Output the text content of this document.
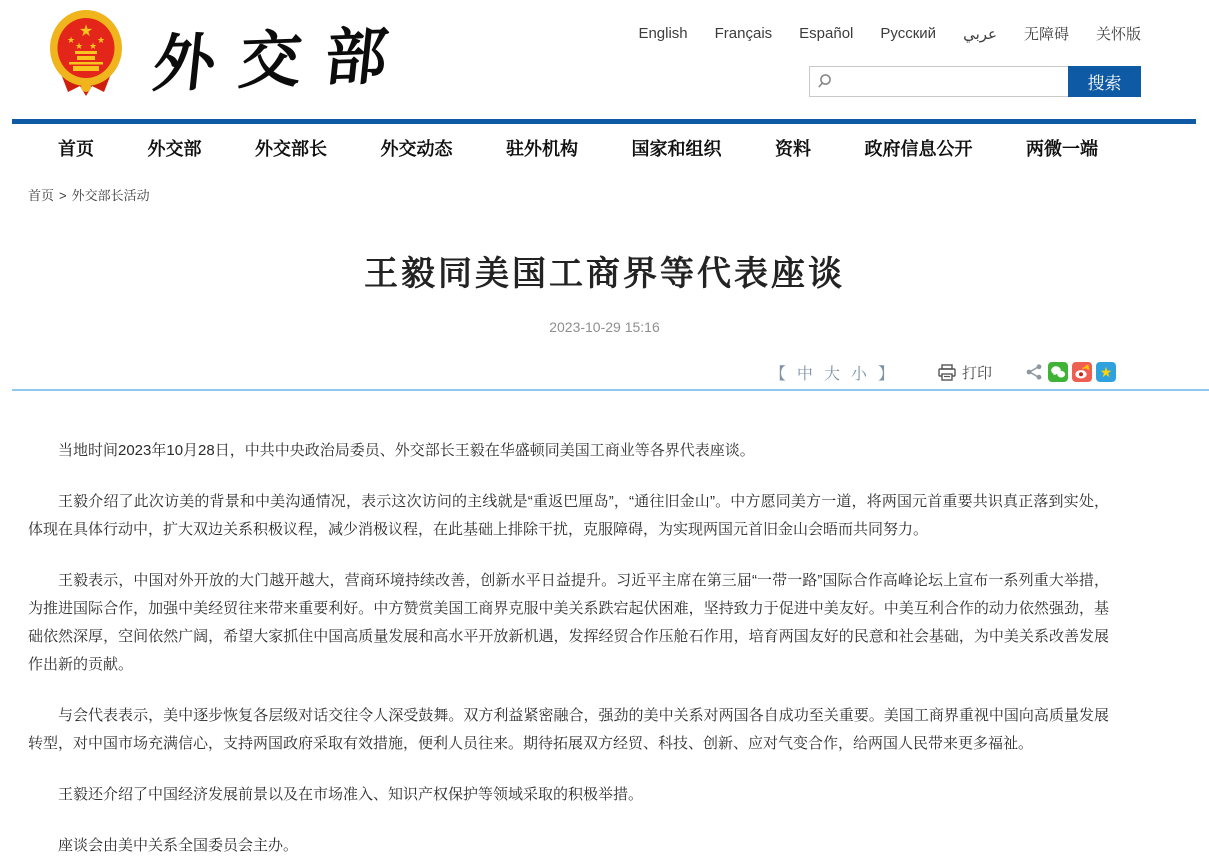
★
★
★ ★
★ 外交部	English Français Español Русский عربي 无障碍 关怀版
搜索
首页	外交部	外交部长	外交动态	驻外机构	国家和组织	资料	政府信息公开	两微一端
首页 > 外交部长活动
王毅同美国工商界等代表座谈
2023-10-29 15:16
【 中 大 小 】	打印	★

当地时间2023年10月28日，中共中央政治局委员、外交部长王毅在华盛顿同美国工商业等各界代表座谈。

王毅介绍了此次访美的背景和中美沟通情况，表示这次访问的主线就是“重返巴厘岛”，“通往旧金山”。中方愿同美方一道，将两国元首重要共识真正落到实处，体现在具体行动中，扩大双边关系积极议程，减少消极议程，在此基础上排除干扰，克服障碍，为实现两国元首旧金山会晤而共同努力。

王毅表示，中国对外开放的大门越开越大，营商环境持续改善，创新水平日益提升。习近平主席在第三届“一带一路”国际合作高峰论坛上宣布一系列重大举措，为推进国际合作，加强中美经贸往来带来重要利好。中方赞赏美国工商界克服中美关系跌宕起伏困难，坚持致力于促进中美友好。中美互利合作的动力依然强劲，基础依然深厚，空间依然广阔，希望大家抓住中国高质量发展和高水平开放新机遇，发挥经贸合作压舱石作用，培育两国友好的民意和社会基础，为中美关系改善发展作出新的贡献。

与会代表表示，美中逐步恢复各层级对话交往令人深受鼓舞。双方利益紧密融合，强劲的美中关系对两国各自成功至关重要。美国工商界重视中国向高质量发展转型，对中国市场充满信心，支持两国政府采取有效措施，便利人员往来。期待拓展双方经贸、科技、创新、应对气变合作，给两国人民带来更多福祉。

王毅还介绍了中国经济发展前景以及在市场准入、知识产权保护等领域采取的积极举措。

座谈会由美中关系全国委员会主办。
